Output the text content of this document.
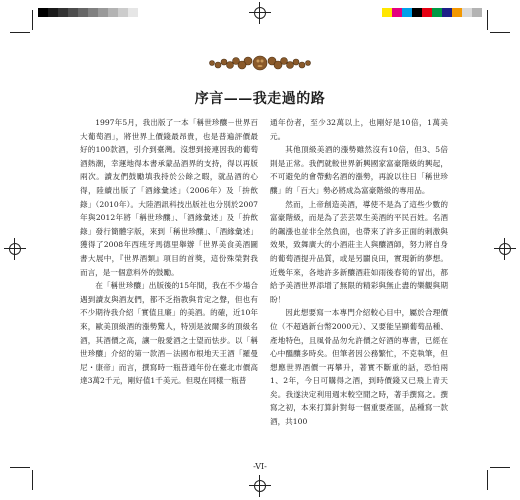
序言——我走過的路

1997年5月，我出版了一本「稱世珍釀－世界百大葡萄酒」，將世界上價錢最昂貴，也是普遍評價最好的100款酒，引介到臺灣。沒想到接連因我的葡萄酒熱潮，幸運地得本書承蒙品酒界的支持，得以再版兩次。讀友們鼓勵填我持於公餘之暇，就品酒的心得，陸續出版了「酒緣彙述」（2006年）及「拚飲錄」（2010年）。大陸酒訊科技出版社也分別於2007年與2012年將「稱世珍釀」、「酒緣彙述」及「拚飲錄」發行簡體字版，來到「稱世珍釀」、「酒緣彙述」獲得了2008年西班牙馬德里舉辦「世界美食美酒圖書大展中，『世界酒類』項目的首獎，這份殊榮對我而言，是一個意料外的鼓勵。

在「稱世珍釀」出版後的15年間，我在不少場合遇到讀友與酒友們，都不乏指教與肯定之聲，但也有不少期待我介紹「實值且廉」的美酒。的確，近10年來，歐美頂級酒的漲勢驚人，特別是波爾多的頂級名酒，其酒價之高，讓一般愛酒之士望而怯步。以「稱世珍釀」介紹的第一款酒－法國布根地天王酒「羅曼尼・康帝」而言，撰寫時一瓶普通年份在臺北市價高達3萬2千元，剛好值1千美元。但現在同樣一瓶普

通年份者，至少32萬以上，也剛好是10倍，1萬美元。

其他頂級美酒的漲勢雖然沒有10倍，但3、5倍則是正常。我們就較世界新興國家富豪階級的興起，不可避免的會帶動名酒的漲勢，再說以往日「稱世珍釀」的「百大」勢必將成為富豪階級的專用品。

然而，上帝創造美酒，導使不是為了這些少數的富豪階級，而是為了芸芸眾生美酒的平民百姓。名酒的飆漲也並非全然負面，也帶來了許多正面的刺激與效果，致舞廣大的小酒莊主人與釀酒師，努力將自身的葡萄酒提升品質，或是另闢良田，實現新的夢想。近幾年來，各地許多新釀酒莊如雨後春筍的冒出，都給予美酒世界添增了無限的精彩與無止盡的樂觀與期盼！

因此想要寫一本專門介紹較心目中，屬於合理價位（不超過新台幣2000元）、又要能呈顯葡萄品種、產地特色，且風骨品勿允許價之好酒的專書，已經在心中醞釀多時矣。但筆者因公務繁忙，不克執筆，但想應世界酒價一再攀升，著實不斷重的話，恐怕兩1、2年，今日可購得之酒，到時價錢又已飛上青天矣。我遂決定利用週末較空閒之時，著手撰寫之。撰寫之初，本來打算針對每一個重要產區，品種寫一款酒，共100

-VI-
